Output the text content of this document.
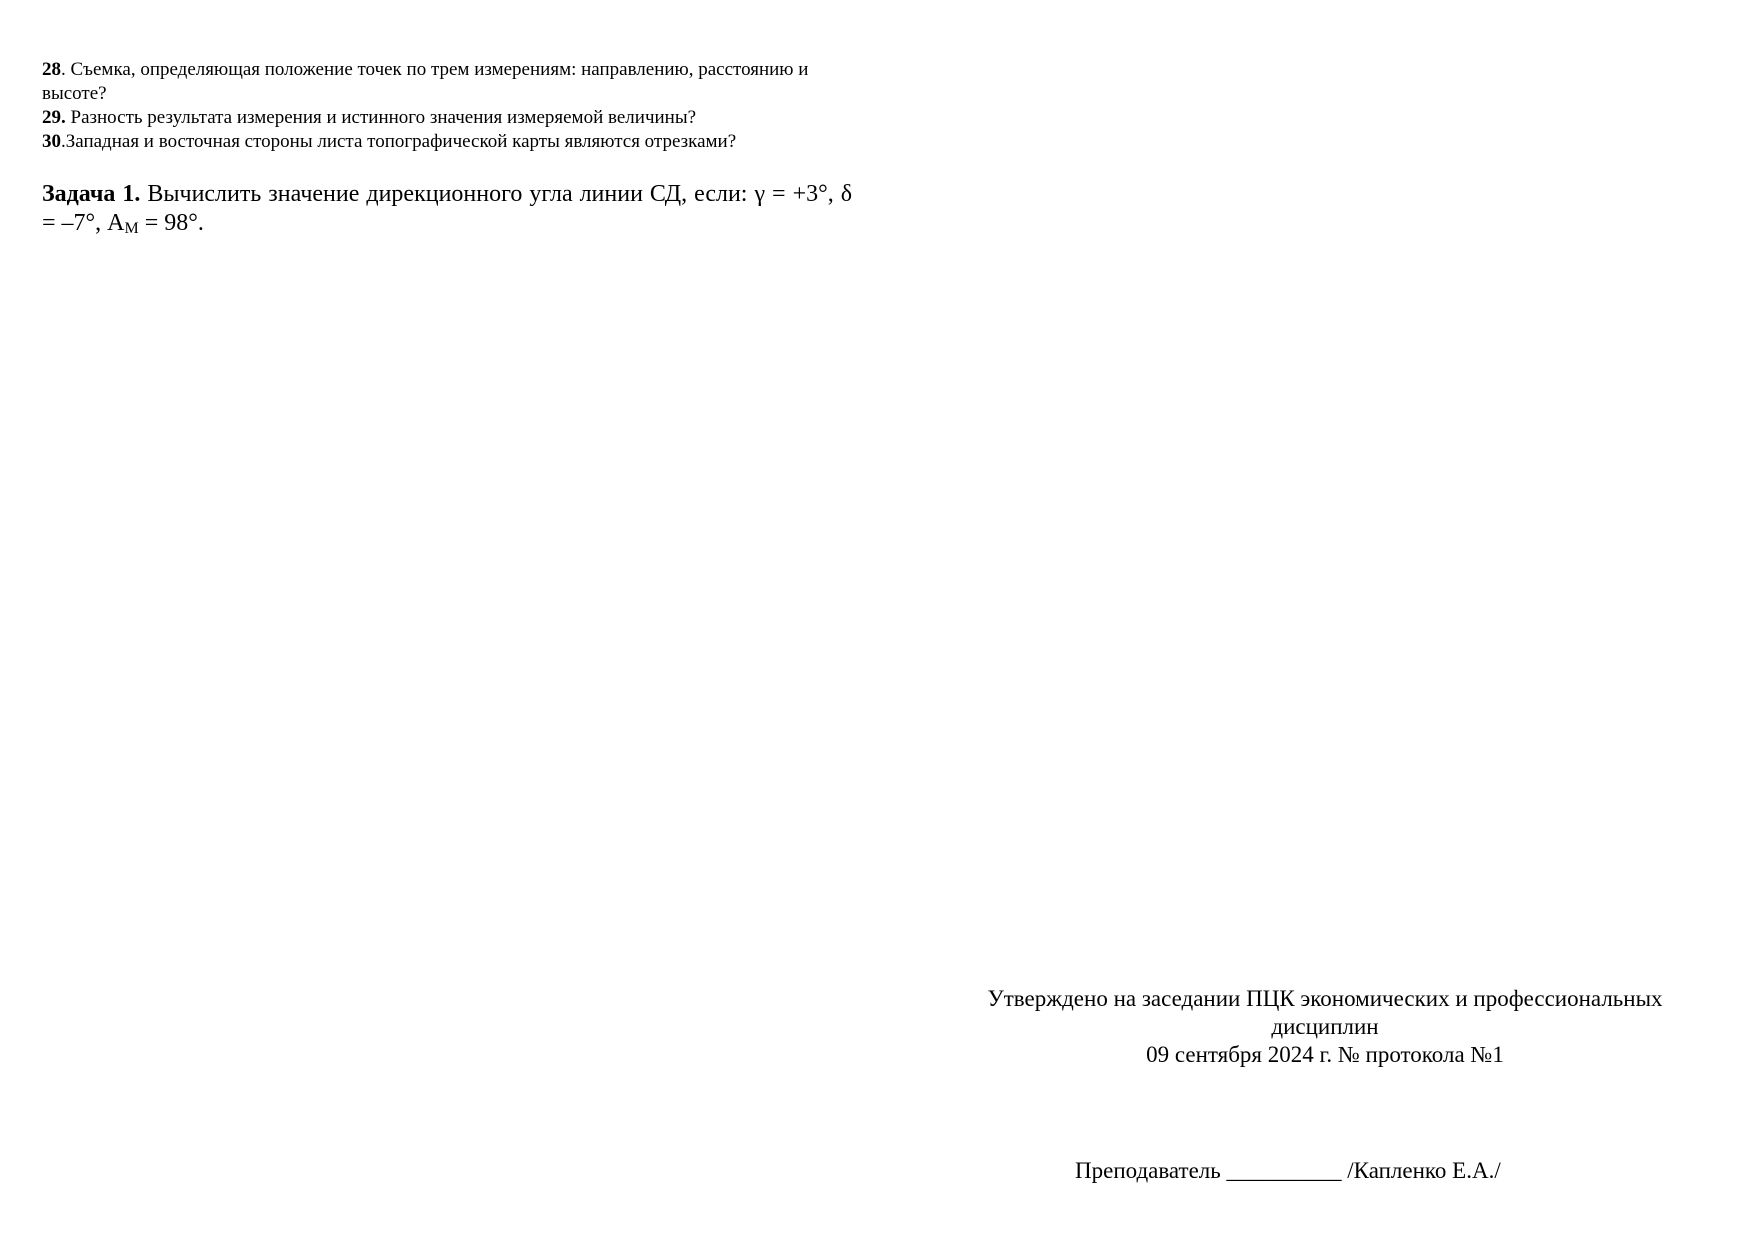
28. Съемка, определяющая положение точек по трем измерениям: направлению, расстоянию и высоте?

29. Разность результата измерения и истинного значения измеряемой величины?

30.Западная и восточная стороны листа топографической карты являются отрезками?

Задача 1. Вычислить значение дирекционного угла линии СД, если: γ = +3°, δ = –7°, АМ = 98°.
Утверждено на заседании ПЦК экономических и профессиональных дисциплин
09 сентября 2024 г. № протокола №1
Преподаватель __________ /Капленко Е.А./
